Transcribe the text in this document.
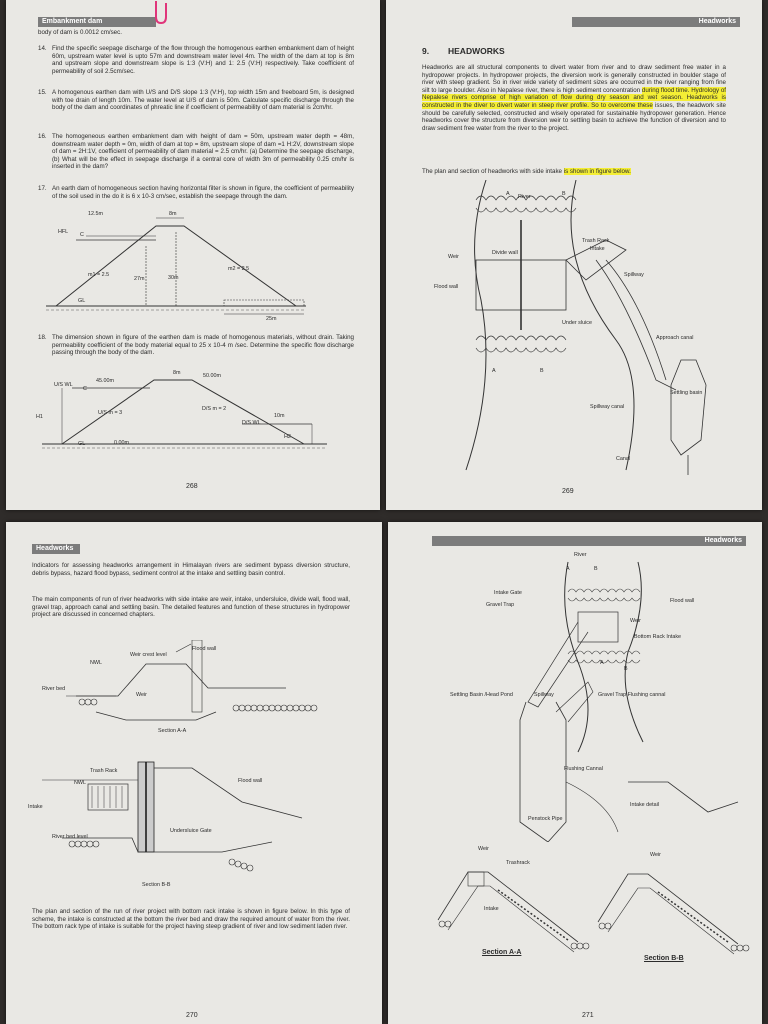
Embankment dam
body of dam is 0.0012 cm/sec.
14. Find the specific seepage discharge of the flow through the homogenous earthen embankment dam of height 60m, upstream water level is upto 57m and downstream water level 4m. The width of the dam at top is 8m and upstream slope and downstream slope is 1:3 (V:H) and 1: 2.5 (V:H) respectively. Take coefficient of permeability of soil 2.5cm/sec.
15. A homogenous earthen dam with U/S and D/S slope 1:3 (V:H), top width 15m and freeboard 5m, is designed with toe drain of length 10m. The water level at U/S of dam is 50m. Calculate specific discharge through the body of the dam and coordinates of phreatic line if coefficient of permeability of dam material is 2cm/hr.
16. The homogeneous earthen embankment dam with height of dam = 50m, upstream water depth = 48m, downstream water depth = 0m, width of dam at top = 8m, upstream slope of dam =1 H:2V, downstream slope of dam = 2H:1V, coefficient of permeability of dam material = 2.5 cm/hr. (a) Determine the seepage discharge, (b) What will be the effect in seepage discharge if a central core of width 3m of permeability 0.25 cm/hr is inserted in the dam?
17. An earth dam of homogeneous section having horizontal filter is shown in figure, the coefficient of permeability of the soil used in the do it is 6 x 10-3 cm/sec, establish the seepage through the dam.
12.5m	8m
HFL C
m1 = 2.5
27m	30m
m2 = 2.5
GL
25m
18. The dimension shown in figure of the earthen dam is made of homogenous materials, without drain. Taking permeability coefficient of the body material equal to 25 x 10-4 m /sec. Determine the specific flow discharge passing through the body of the dam.
8m
U/S WL
C
45.00m
50.00m
H1
U/S m = 3
D/S m = 2
10m
D/S WL
H2
GL	0.00m
268
Headworks
9. HEADWORKS
Headworks are all structural components to divert water from river and to draw sediment free water in a hydropower projects. In hydropower projects, the diversion work is generally constructed in boulder stage of river with steep gradient. So in river wide variety of sediment sizes are occurred in the river ranging from fine silt to large boulder. Also in Nepalese river, there is high sediment concentration during flood time. Hydrology of Nepalese rivers comprise of high variation of flow during dry season and wet season. Headworks is constructed in the diver to divert water in steep river profile. So to overcome these issues, the headwork site should be carefully selected, constructed and wisely operated for sustainable hydropower generation. Hence headworks cover the structure from diversion weir to settling basin to achieve the function of diversion and to draw sediment free water from the river to the project.
The plan and section of headworks with side intake is shown in figure below.
A River	B
Trash Rack
Intake
Weir
Divide wall
Spillway
Flood wall
Under sluice
Approach canal
A	B
Settling basin
Spillway canal
Canal
269
Headworks
Indicators for assessing headworks arrangement in Himalayan rivers are sediment bypass diversion structure, debris bypass, hazard flood bypass, sediment control at the intake and settling basin control.
The main components of run of river headworks with side intake are weir, intake, undersluice, divide wall, flood wall, gravel trap, approach canal and settling basin. The detailed features and function of these structures in hydropower project are discussed in concerned chapters.
Flood wall
Weir crest level
NWL
River bed
Weir
Section A-A
Trash Rack
NWL	Flood wall
Intake
Undersluice Gate
River bed level
Section B-B
The plan and section of the run of river project with bottom rack intake is shown in figure below. In this type of scheme, the intake is constructed at the bottom the river bed and draw the required amount of water from the river. The bottom rack type of intake is suitable for the project having steep gradient of river and low sediment laden river.
270
Headworks
River
A	B
Intake Gate
Gravel Trap
Flood wall
Weir
Bottom Rack Intake
A
B
Settling Basin /Head Pond	Spillway	Gravel Trap Flushing cannal
Flushing Cannal
Intake detail
Penstock Pipe
Weir
Trashrack
Intake
Section A-A
Weir
Section B-B
271
